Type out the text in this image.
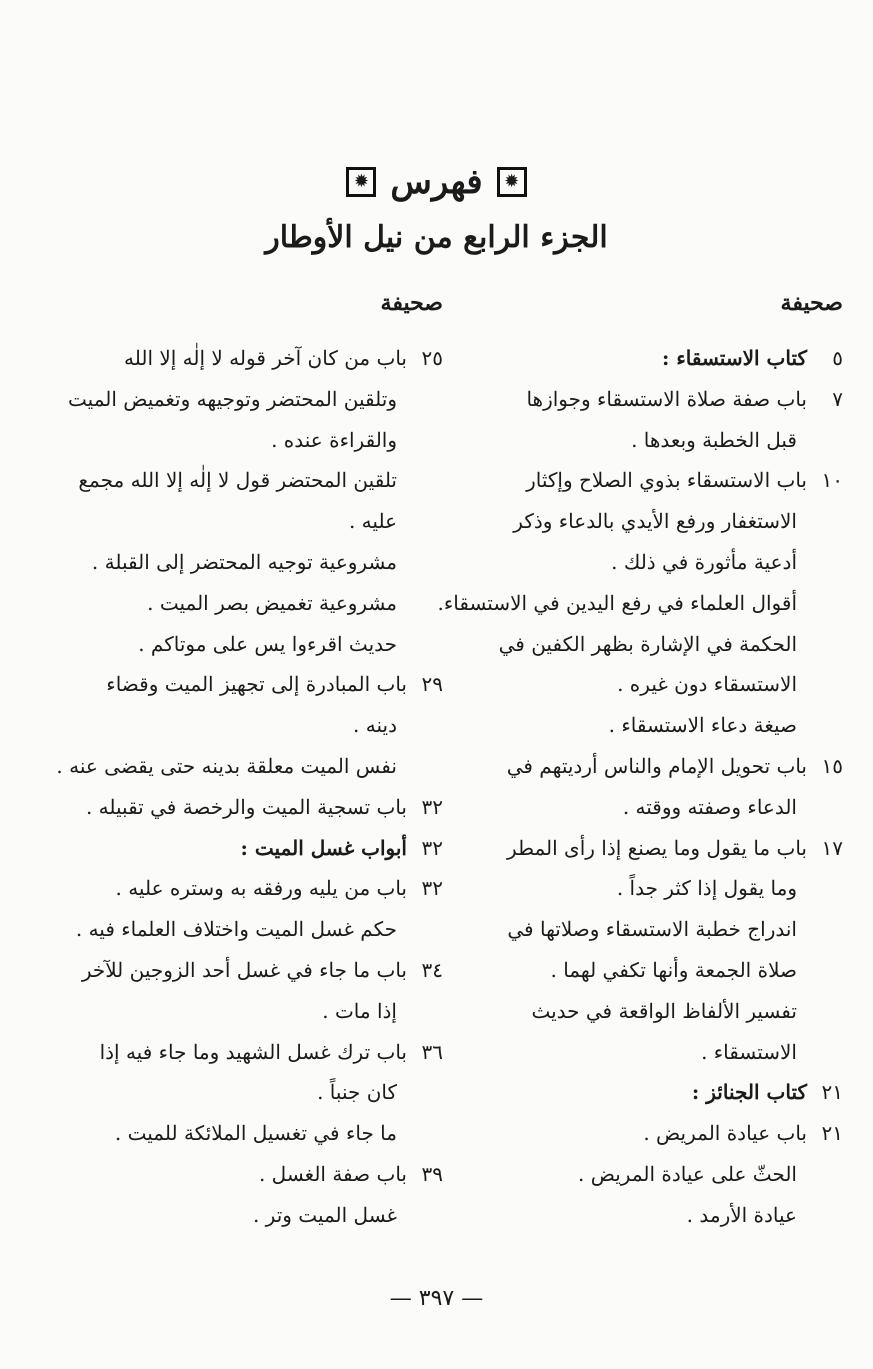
✹
فهرس
✹
الجزء الرابع من نيل الأوطار
صحيفة
صحيفة
٥كتاب الاستسقاء :
٧باب صفة صلاة الاستسقاء وجوازها
قبل الخطبة وبعدها .
١٠باب الاستسقاء بذوي الصلاح وإكثار
الاستغفار ورفع الأيدي بالدعاء وذكر
أدعية مأثورة في ذلك .
أقوال العلماء في رفع اليدين في الاستسقاء.
الحكمة في الإشارة بظهر الكفين في
الاستسقاء دون غيره .
صيغة دعاء الاستسقاء .
١٥باب تحويل الإمام والناس أرديتهم في
الدعاء وصفته ووقته .
١٧باب ما يقول وما يصنع إذا رأى المطر
وما يقول إذا كثر جداً .
اندراج خطبة الاستسقاء وصلاتها في
صلاة الجمعة وأنها تكفي لهما .
تفسير الألفاظ الواقعة في حديث
الاستسقاء .
٢١كتاب الجنائز :
٢١باب عيادة المريض .
الحثّ على عيادة المريض .
عيادة الأرمد .
٢٥باب من كان آخر قوله لا إلٰه إلا الله
وتلقين المحتضر وتوجيهه وتغميض الميت
والقراءة عنده .
تلقين المحتضر قول لا إلٰه إلا الله مجمع
عليه .
مشروعية توجيه المحتضر إلى القبلة .
مشروعية تغميض بصر الميت .
حديث اقرءوا يس على موتاكم .
٢٩باب المبادرة إلى تجهيز الميت وقضاء
دينه .
نفس الميت معلقة بدينه حتى يقضى عنه .
٣٢باب تسجية الميت والرخصة في تقبيله .
٣٢أبواب غسل الميت :
٣٢باب من يليه ورفقه به وستره عليه .
حكم غسل الميت واختلاف العلماء فيه .
٣٤باب ما جاء في غسل أحد الزوجين للآخر
إذا مات .
٣٦باب ترك غسل الشهيد وما جاء فيه إذا
كان جنباً .
ما جاء في تغسيل الملائكة للميت .
٣٩باب صفة الغسل .
غسل الميت وتر .
— ٣٩٧ —
